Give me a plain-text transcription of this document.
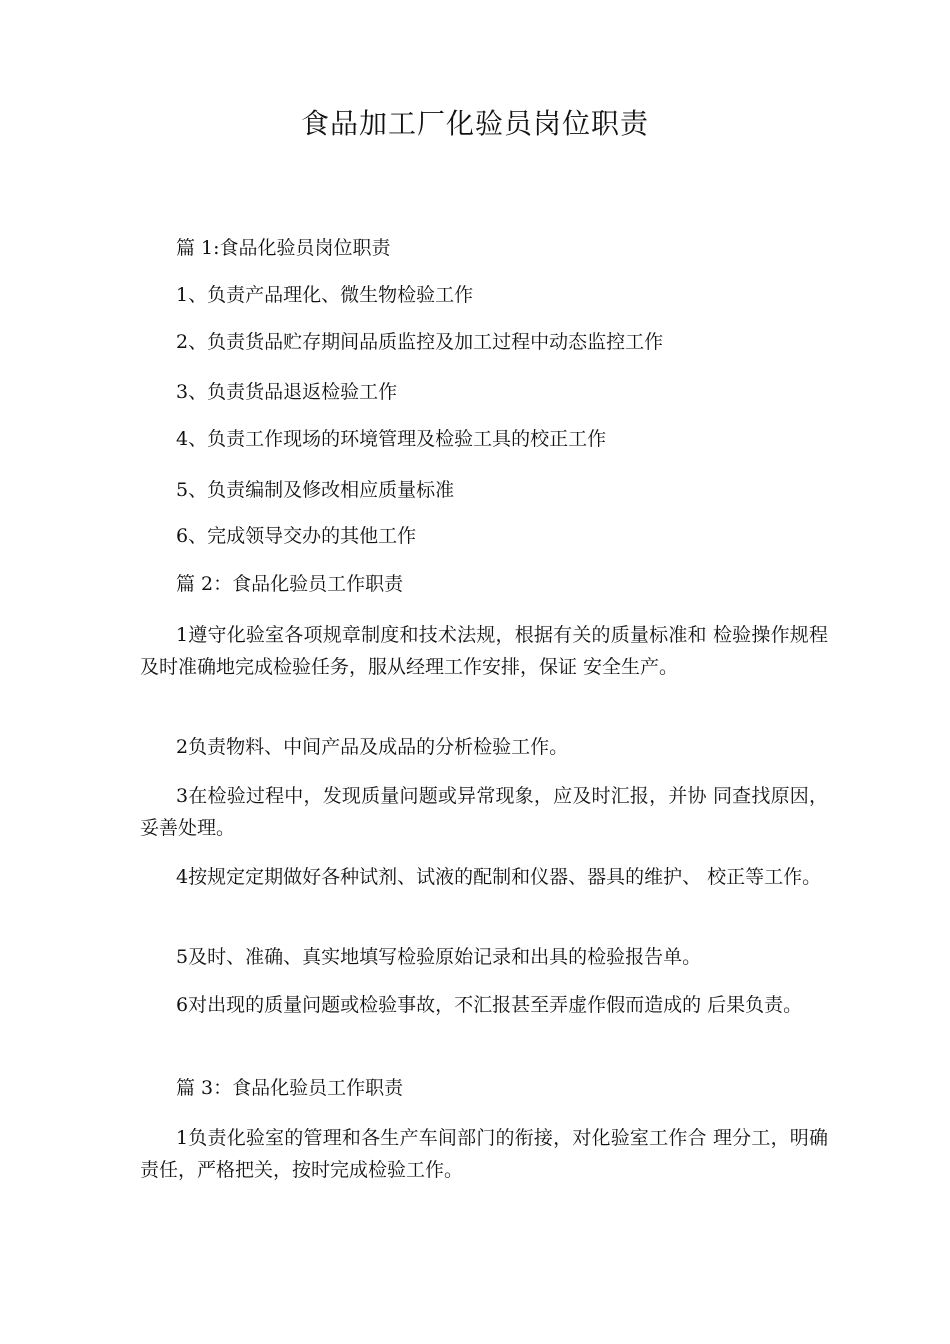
食品加工厂化验员岗位职责
篇 1:食品化验员岗位职责
1、负责产品理化、微生物检验工作
2、负责货品贮存期间品质监控及加工过程中动态监控工作
3、负责货品退返检验工作
4、负责工作现场的环境管理及检验工具的校正工作
5、负责编制及修改相应质量标准
6、完成领导交办的其他工作
篇 2：食品化验员工作职责
1遵守化验室各项规章制度和技术法规，根据有关的质量标准和 检验操作规程及时准确地完成检验任务，服从经理工作安排，保证 安全生产。
2负责物料、中间产品及成品的分析检验工作。
3在检验过程中，发现质量问题或异常现象，应及时汇报，并协 同查找原因，妥善处理。
4按规定定期做好各种试剂、试液的配制和仪器、器具的维护、 校正等工作。
5及时、准确、真实地填写检验原始记录和出具的检验报告单。
6对出现的质量问题或检验事故，不汇报甚至弄虚作假而造成的 后果负责。
篇 3：食品化验员工作职责
1负责化验室的管理和各生产车间部门的衔接，对化验室工作合 理分工，明确责任，严格把关，按时完成检验工作。
